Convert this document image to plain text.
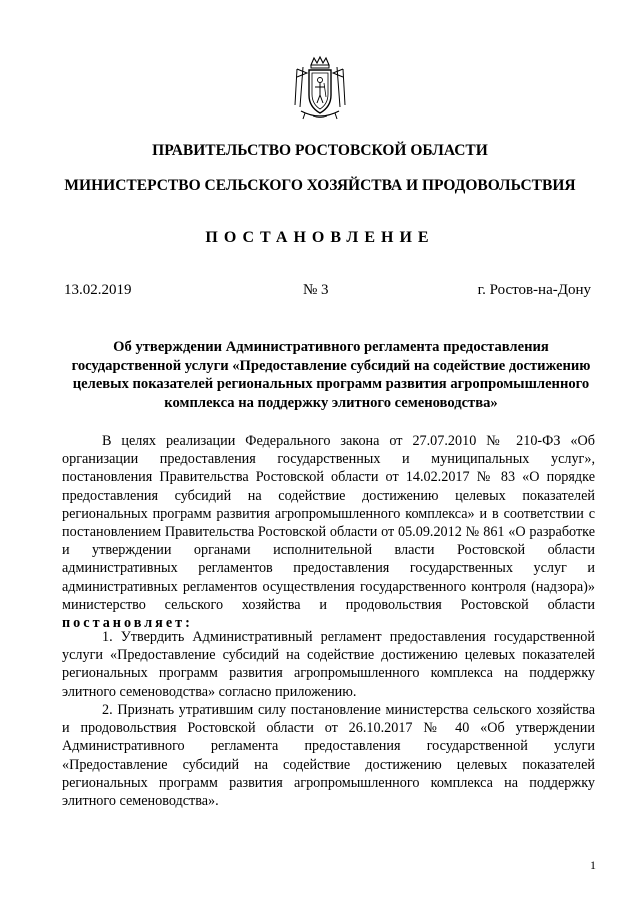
ПРАВИТЕЛЬСТВО РОСТОВСКОЙ ОБЛАСТИ
МИНИСТЕРСТВО СЕЛЬСКОГО ХОЗЯЙСТВА И ПРОДОВОЛЬСТВИЯ
ПОСТАНОВЛЕНИЕ
13.02.2019	№ 3	г. Ростов-на-Дону
Об утверждении Административного регламента предоставления государственной услуги «Предоставление субсидий на содействие достижению целевых показателей региональных программ развития агропромышленного комплекса на поддержку элитного семеноводства»
В целях реализации Федерального закона от 27.07.2010 № 210-ФЗ «Об организации предоставления государственных и муниципальных услуг», постановления Правительства Ростовской области от 14.02.2017 № 83 «О порядке предоставления субсидий на содействие достижению целевых показателей региональных программ развития агропромышленного комплекса» и в соответствии с постановлением Правительства Ростовской области от 05.09.2012 № 861 «О разработке и утверждении органами исполнительной власти Ростовской области административных регламентов предоставления государственных услуг и административных регламентов осуществления государственного контроля (надзора)» министерство сельского хозяйства и продовольствия Ростовской области постановляет:
1. Утвердить Административный регламент предоставления государственной услуги «Предоставление субсидий на содействие достижению целевых показателей региональных программ развития агропромышленного комплекса на поддержку элитного семеноводства» согласно приложению.
2. Признать утратившим силу постановление министерства сельского хозяйства и продовольствия Ростовской области от 26.10.2017 № 40 «Об утверждении Административного регламента предоставления государственной услуги «Предоставление субсидий на содействие достижению целевых показателей региональных программ развития агропромышленного комплекса на поддержку элитного семеноводства».
1
